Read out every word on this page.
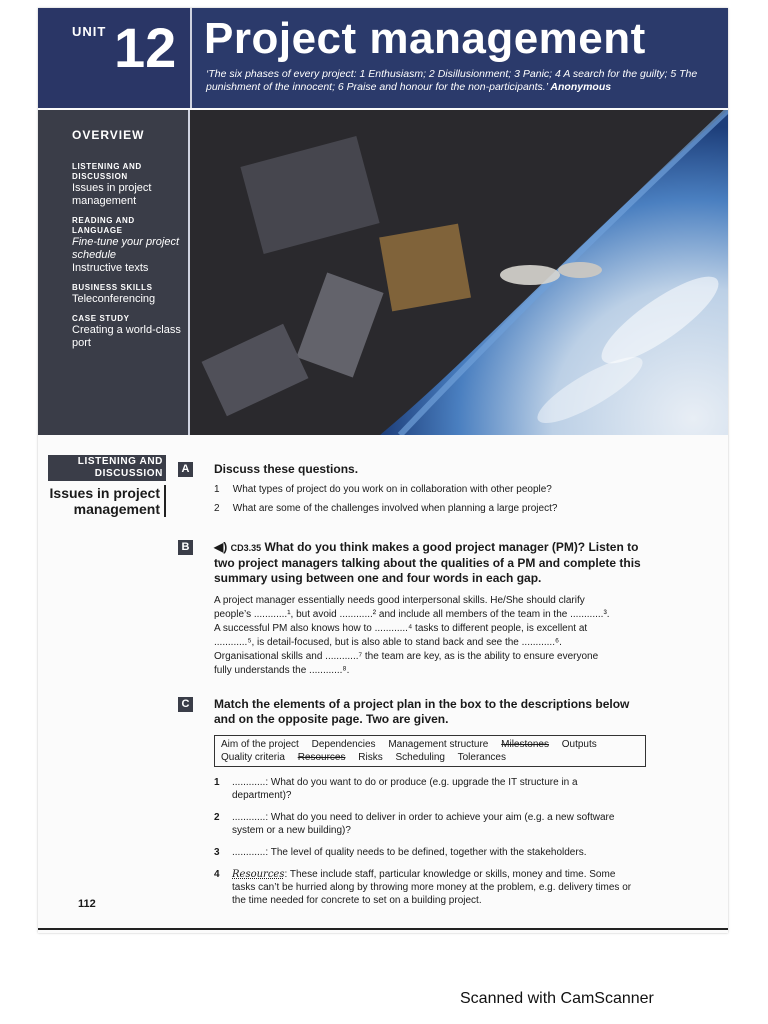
UNIT 12 Project management
‘The six phases of every project: 1 Enthusiasm; 2 Disillusionment; 3 Panic; 4 A search for the guilty; 5 The punishment of the innocent; 6 Praise and honour for the non-participants.’ Anonymous
OVERVIEW
LISTENING AND DISCUSSION
Issues in project management
READING AND LANGUAGE
Fine-tune your project schedule
Instructive texts
BUSINESS SKILLS
Teleconferencing
CASE STUDY
Creating a world-class port
112
LISTENING AND DISCUSSION
Issues in project management
A Discuss these questions.
1 What types of project do you work on in collaboration with other people?
2 What are some of the challenges involved when planning a large project?
B ◀) CD3.35 What do you think makes a good project manager (PM)? Listen to two project managers talking about the qualities of a PM and complete this summary using between one and four words in each gap.
A project manager essentially needs good interpersonal skills. He/She should clarify people’s ............¹, but avoid ............² and include all members of the team in the ............³. A successful PM also knows how to ............⁴ tasks to different people, is excellent at ............⁵, is detail-focused, but is also able to stand back and see the ............⁶. Organisational skills and ............⁷ the team are key, as is the ability to ensure everyone fully understands the ............⁸.
C Match the elements of a project plan in the box to the descriptions below and on the opposite page. Two are given.
Aim of the project Dependencies Management structure Milestones Outputs
Quality criteria Resources Risks Scheduling Tolerances
1	............: What do you want to do or produce (e.g. upgrade the IT structure in a department)?
2	............: What do you need to deliver in order to achieve your aim (e.g. a new software system or a new building)?
3	............: The level of quality needs to be defined, together with the stakeholders.
4	Resources: These include staff, particular knowledge or skills, money and time. Some tasks can’t be hurried along by throwing more money at the problem, e.g. delivery times or the time needed for concrete to set on a building project.
Scanned with CamScanner
